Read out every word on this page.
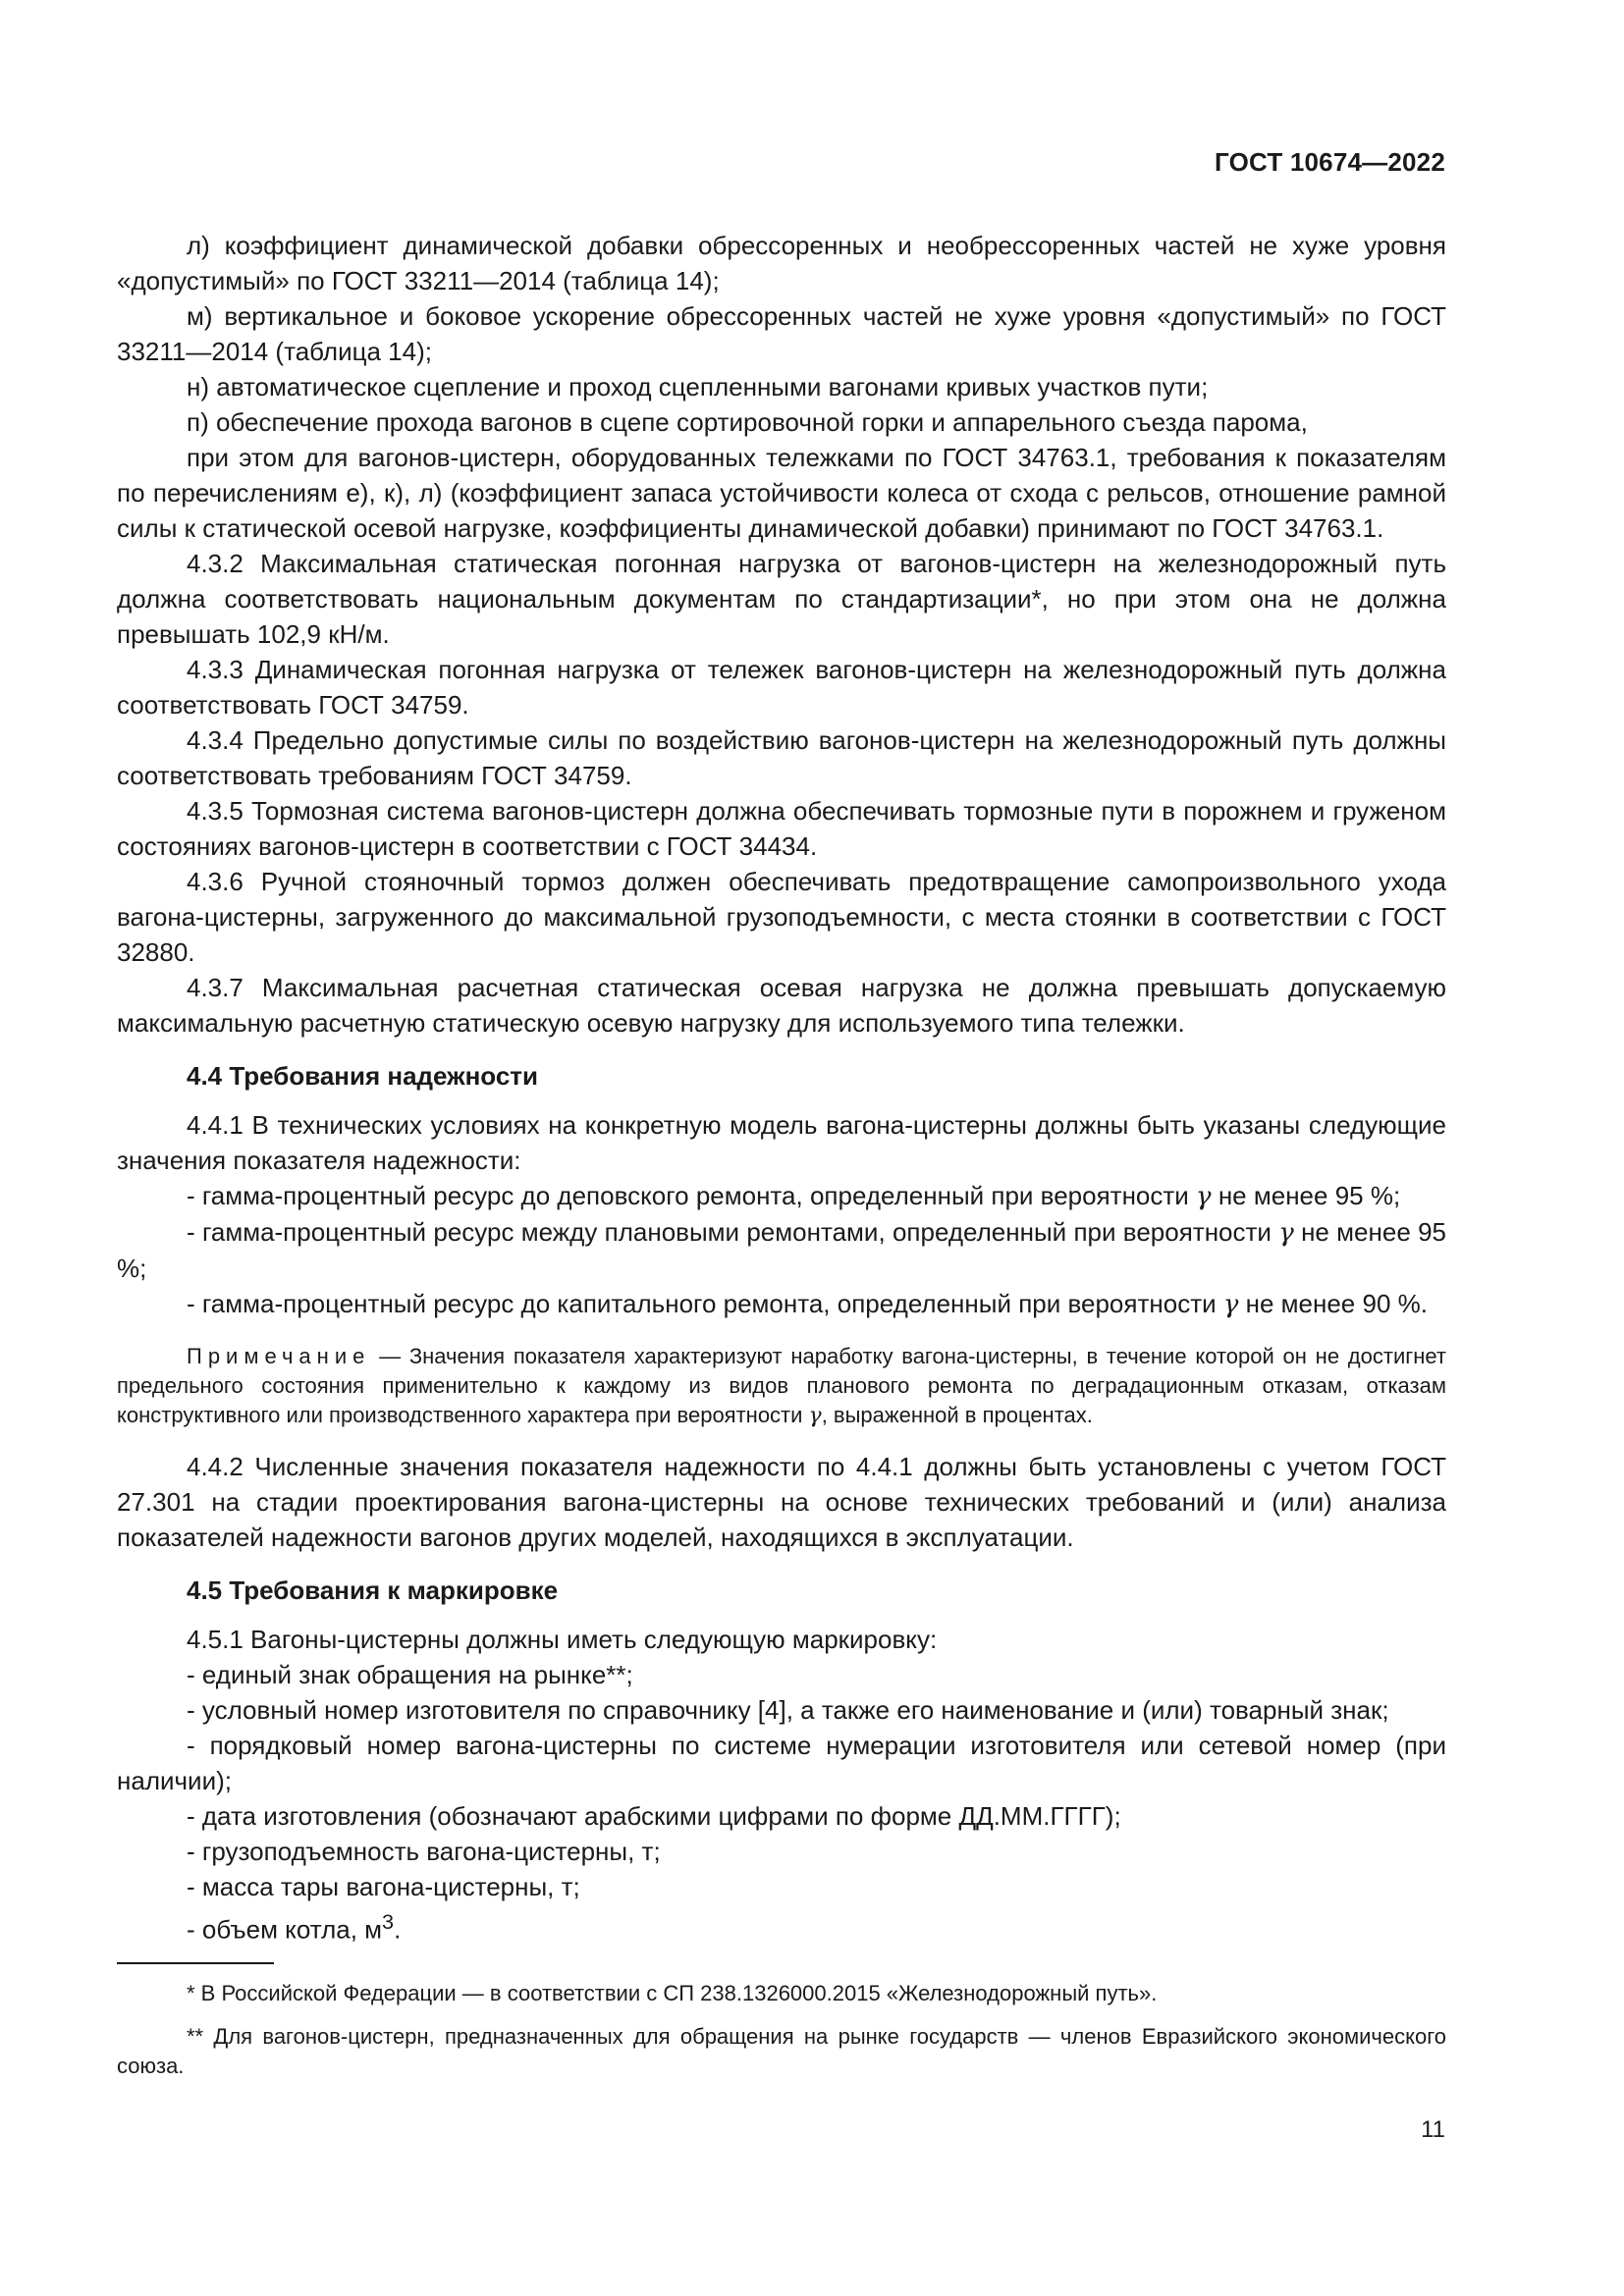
ГОСТ 10674—2022

л) коэффициент динамической добавки обрессоренных и необрессоренных частей не хуже уровня «допустимый» по ГОСТ 33211—2014 (таблица 14);

м) вертикальное и боковое ускорение обрессоренных частей не хуже уровня «допустимый» по ГОСТ 33211—2014 (таблица 14);

н) автоматическое сцепление и проход сцепленными вагонами кривых участков пути;

п) обеспечение прохода вагонов в сцепе сортировочной горки и аппарельного съезда парома,

при этом для вагонов-цистерн, оборудованных тележками по ГОСТ 34763.1, требования к показателям по перечислениям е), к), л) (коэффициент запаса устойчивости колеса от схода с рельсов, отношение рамной силы к статической осевой нагрузке, коэффициенты динамической добавки) принимают по ГОСТ 34763.1.

4.3.2 Максимальная статическая погонная нагрузка от вагонов-цистерн на железнодорожный путь должна соответствовать национальным документам по стандартизации*, но при этом она не должна превышать 102,9 кН/м.

4.3.3 Динамическая погонная нагрузка от тележек вагонов-цистерн на железнодорожный путь должна соответствовать ГОСТ 34759.

4.3.4 Предельно допустимые силы по воздействию вагонов-цистерн на железнодорожный путь должны соответствовать требованиям ГОСТ 34759.

4.3.5 Тормозная система вагонов-цистерн должна обеспечивать тормозные пути в порожнем и груженом состояниях вагонов-цистерн в соответствии с ГОСТ 34434.

4.3.6 Ручной стояночный тормоз должен обеспечивать предотвращение самопроизвольного ухода вагона-цистерны, загруженного до максимальной грузоподъемности, с места стоянки в соответствии с ГОСТ 32880.

4.3.7 Максимальная расчетная статическая осевая нагрузка не должна превышать допускаемую максимальную расчетную статическую осевую нагрузку для используемого типа тележки.

4.4 Требования надежности

4.4.1 В технических условиях на конкретную модель вагона-цистерны должны быть указаны следующие значения показателя надежности:

- гамма-процентный ресурс до деповского ремонта, определенный при вероятности γ не менее 95 %;

- гамма-процентный ресурс между плановыми ремонтами, определенный при вероятности γ не менее 95 %;

- гамма-процентный ресурс до капитального ремонта, определенный при вероятности γ не менее 90 %.

Примечание — Значения показателя характеризуют наработку вагона-цистерны, в течение которой он не достигнет предельного состояния применительно к каждому из видов планового ремонта по деградационным отказам, отказам конструктивного или производственного характера при вероятности γ, выраженной в процентах.

4.4.2 Численные значения показателя надежности по 4.4.1 должны быть установлены с учетом ГОСТ 27.301 на стадии проектирования вагона-цистерны на основе технических требований и (или) анализа показателей надежности вагонов других моделей, находящихся в эксплуатации.

4.5 Требования к маркировке

4.5.1 Вагоны-цистерны должны иметь следующую маркировку:

- единый знак обращения на рынке**;

- условный номер изготовителя по справочнику [4], а также его наименование и (или) товарный знак;

- порядковый номер вагона-цистерны по системе нумерации изготовителя или сетевой номер (при наличии);

- дата изготовления (обозначают арабскими цифрами по форме ДД.ММ.ГГГГ);

- грузоподъемность вагона-цистерны, т;

- масса тары вагона-цистерны, т;

- объем котла, $м^3$.

* В Российской Федерации — в соответствии с СП 238.1326000.2015 «Железнодорожный путь».

** Для вагонов-цистерн, предназначенных для обращения на рынке государств — членов Евразийского экономического союза.

11
